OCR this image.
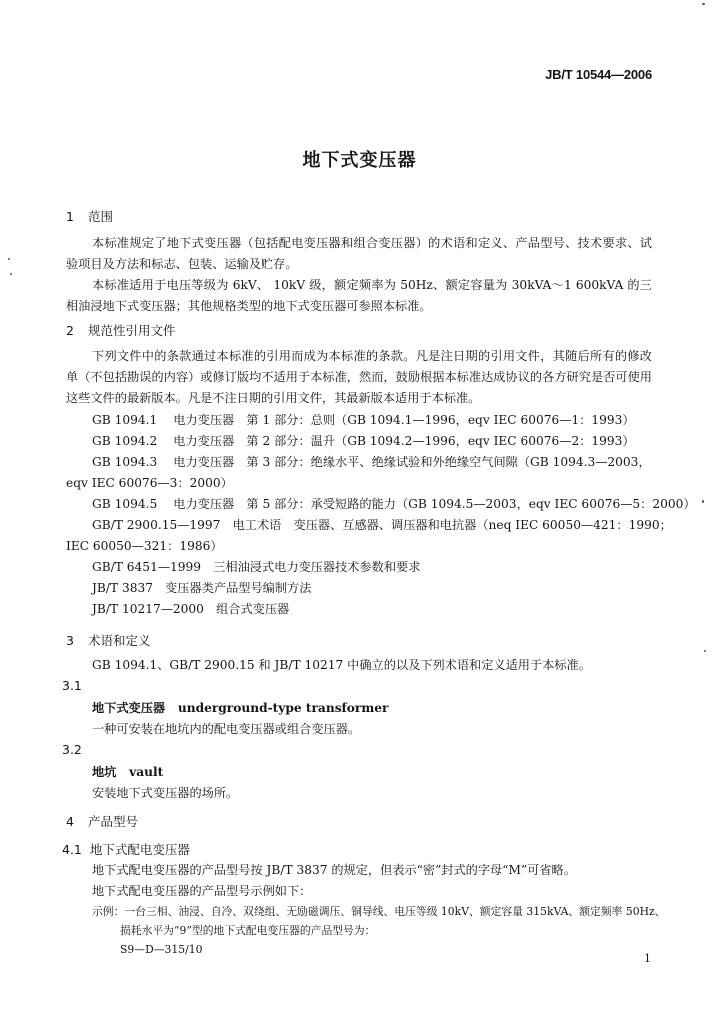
JB/T 10544—2006
地下式变压器
1 范围

本标准规定了地下式变压器（包括配电变压器和组合变压器）的术语和定义、产品型号、技术要求、试验项目及方法和标志、包装、运输及贮存。

本标准适用于电压等级为 6kV、 10kV 级，额定频率为 50Hz、额定容量为 30kVA～1 600kVA 的三相油浸地下式变压器；其他规格类型的地下式变压器可参照本标准。

2 规范性引用文件

下列文件中的条款通过本标准的引用而成为本标准的条款。凡是注日期的引用文件，其随后所有的修改单（不包括勘误的内容）或修订版均不适用于本标准，然而，鼓励根据本标准达成协议的各方研究是否可使用这些文件的最新版本。凡是不注日期的引用文件，其最新版本适用于本标准。

GB 1094.1　 电力变压器　第 1 部分：总则（GB 1094.1—1996，eqv IEC 60076—1：1993）
GB 1094.2　 电力变压器　第 2 部分：温升（GB 1094.2—1996，eqv IEC 60076—2：1993）
GB 1094.3　 电力变压器　第 3 部分：绝缘水平、绝缘试验和外绝缘空气间隙（GB 1094.3—2003，
eqv IEC 60076—3：2000）
GB 1094.5　 电力变压器　第 5 部分：承受短路的能力（GB 1094.5—2003，eqv IEC 60076—5：2000）
GB/T 2900.15—1997　电工术语　变压器、互感器、调压器和电抗器（neq IEC 60050—421：1990；
IEC 60050—321：1986）
GB/T 6451—1999　三相油浸式电力变压器技术参数和要求
JB/T 3837　变压器类产品型号编制方法
JB/T 10217—2000　组合式变压器
3 术语和定义
GB 1094.1、GB/T 2900.15 和 JB/T 10217 中确立的以及下列术语和定义适用于本标准。
3.1
地下式变压器 underground-type transformer
一种可安装在地坑内的配电变压器或组合变压器。
3.2
地坑 vault
安装地下式变压器的场所。
4 产品型号
4.1 地下式配电变压器
地下式配电变压器的产品型号按 JB/T 3837 的规定，但表示“密”封式的字母“M”可省略。
地下式配电变压器的产品型号示例如下：
示例：一台三相、油浸、自冷、双绕组、无励磁调压、铜导线、电压等级 10kV、额定容量 315kVA、额定频率 50Hz、
损耗水平为“9”型的地下式配电变压器的产品型号为：
S9—D—315/10
1
